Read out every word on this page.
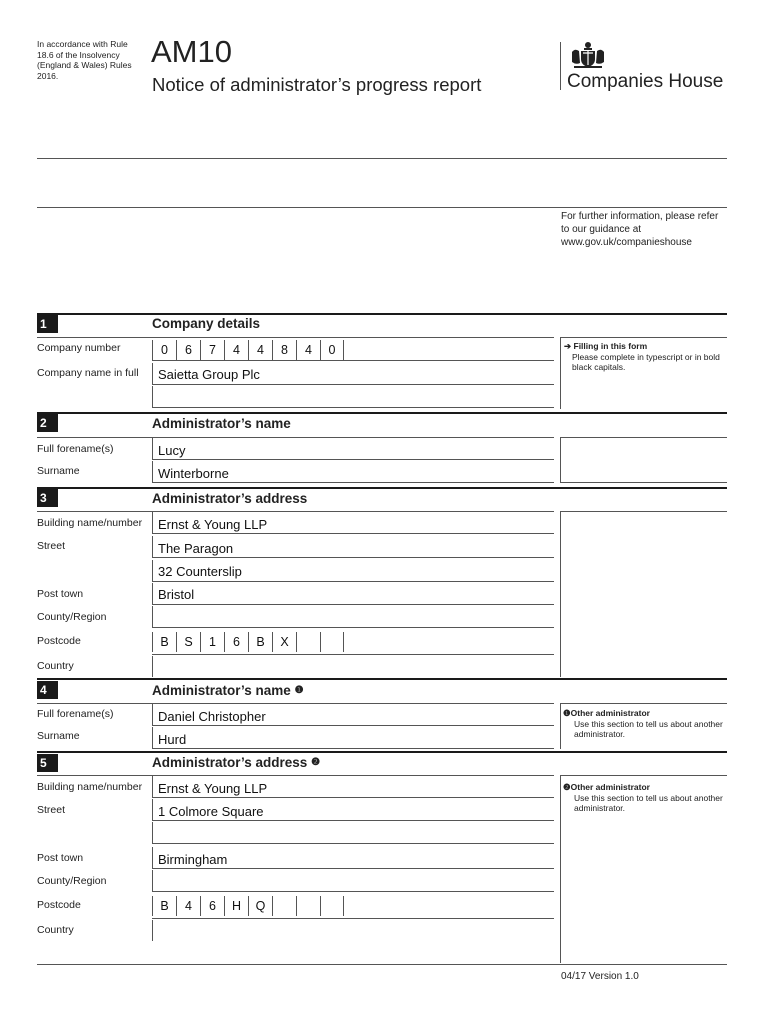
In accordance with Rule 18.6 of the Insolvency (England & Wales) Rules 2016.
AM10
Notice of administrator’s progress report	Companies House
For further information, please refer to our guidance at www.gov.uk/companieshouse
1	Company details
Company number	0	6	7	4	4	8	4	0
Company name in full Saietta Group Plc
➔ Filling in this form
Please complete in typescript or in bold black capitals.
2	Administrator’s name
Full forename(s)	Lucy
Surname	Winterborne
3	Administrator’s address
Building name/number Ernst & Young LLP
Street	The Paragon
32 Counterslip
Post town	Bristol
County/Region
Postcode	B	S	1	6	B	X
Country
4	Administrator’s name ❶
Full forename(s)	Daniel Christopher
Surname	Hurd
❶Other administrator
Use this section to tell us about another administrator.
5	Administrator’s address ❷
Building name/number Ernst & Young LLP
Street	1 Colmore Square
Post town	Birmingham
County/Region
Postcode	B	4	6	H	Q
Country
❷Other administrator
Use this section to tell us about another administrator.
04/17 Version 1.0
